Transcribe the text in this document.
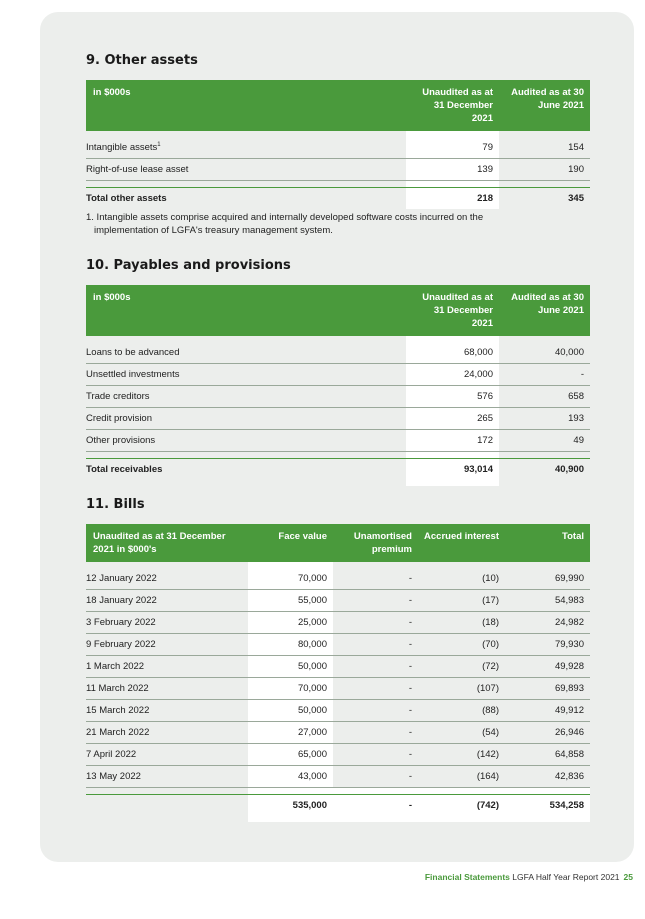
9. Other assets
in $000s	Unaudited as at 31 December 2021	Audited as at 30 June 2021

Intangible assets$^1$	79	154
Right-of-use lease asset	139	190

Total other assets	218	345
1. Intangible assets comprise acquired and internally developed software costs incurred on the
implementation of LGFA's treasury management system.
10. Payables and provisions
in $000s	Unaudited as at 31 December 2021	Audited as at 30 June 2021

Loans to be advanced	68,000	40,000
Unsettled investments	24,000	-
Trade creditors	576	658
Credit provision	265	193
Other provisions	172	49

Total receivables	93,014	40,900

11. Bills
Unaudited as at 31 December 2021 in $000's	Face value	Unamortised premium	Accrued interest	Total

12 January 2022	70,000	-	(10)	69,990
18 January 2022	55,000	-	(17)	54,983
3 February 2022	25,000	-	(18)	24,982
9 February 2022	80,000	-	(70)	79,930
1 March 2022	50,000	-	(72)	49,928
11 March 2022	70,000	-	(107)	69,893
15 March 2022	50,000	-	(88)	49,912
21 March 2022	27,000	-	(54)	26,946
7 April 2022	65,000	-	(142)	64,858
13 May 2022	43,000	-	(164)	42,836

	535,000	-	(742)	534,258

Financial Statements LGFA Half Year Report 2021 25
